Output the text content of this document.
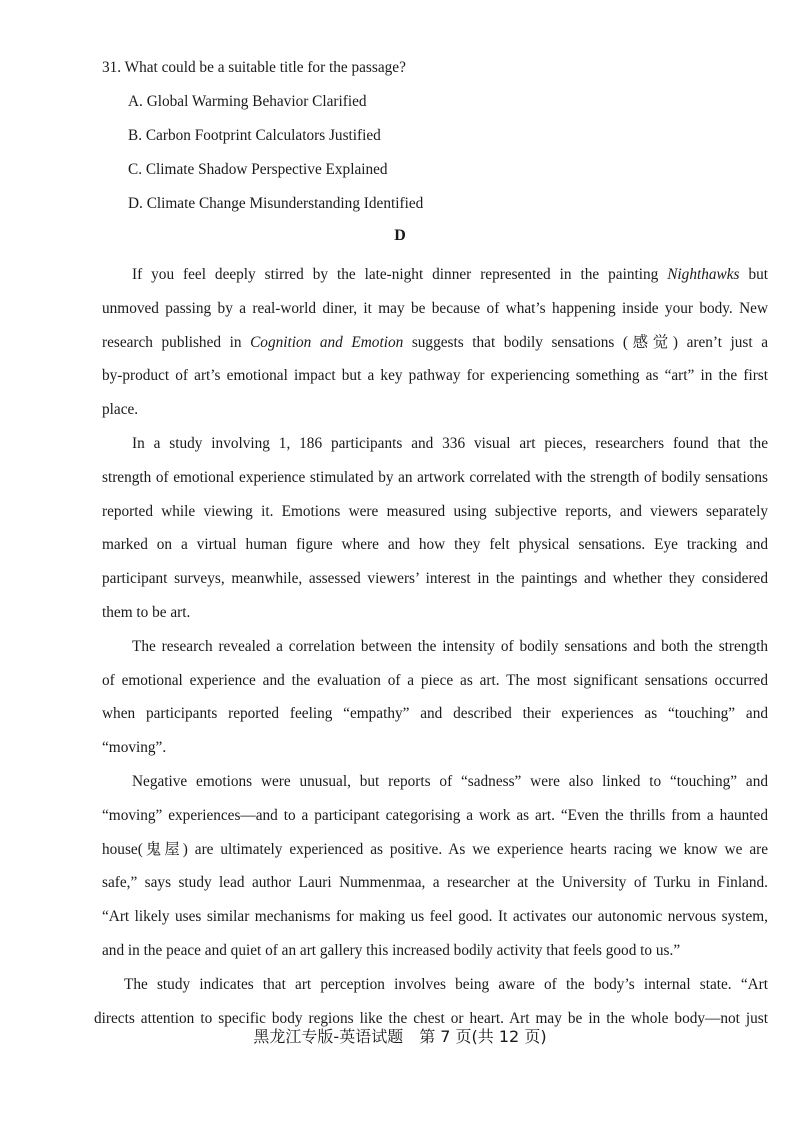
31. What could be a suitable title for the passage?

A. Global Warming Behavior Clarified

B. Carbon Footprint Calculators Justified

C. Climate Shadow Perspective Explained

D. Climate Change Misunderstanding Identified

D
If you feel deeply stirred by the late-night dinner represented in the painting Nighthawks but
unmoved passing by a real-world diner, it may be because of what’s happening inside your body. New
research published in Cognition and Emotion suggests that bodily sensations (感觉) aren’t just a
by-product of art’s emotional impact but a key pathway for experiencing something as “art” in the first
place.
In a study involving 1, 186 participants and 336 visual art pieces, researchers found that the
strength of emotional experience stimulated by an artwork correlated with the strength of bodily sensations
reported while viewing it. Emotions were measured using subjective reports, and viewers separately
marked on a virtual human figure where and how they felt physical sensations. Eye tracking and
participant surveys, meanwhile, assessed viewers’ interest in the paintings and whether they considered
them to be art.
The research revealed a correlation between the intensity of bodily sensations and both the strength
of emotional experience and the evaluation of a piece as art. The most significant sensations occurred
when participants reported feeling “empathy” and described their experiences as “touching” and
“moving”.
Negative emotions were unusual, but reports of “sadness” were also linked to “touching” and
“moving” experiences—and to a participant categorising a work as art. “Even the thrills from a haunted
house(鬼屋) are ultimately experienced as positive. As we experience hearts racing we know we are
safe,” says study lead author Lauri Nummenmaa, a researcher at the University of Turku in Finland.
“Art likely uses similar mechanisms for making us feel good. It activates our autonomic nervous system,
and in the peace and quiet of an art gallery this increased bodily activity that feels good to us.”
The study indicates that art perception involves being aware of the body’s internal state. “Art
directs attention to specific body regions like the chest or heart. Art may be in the whole body—not just
黑龙江专版-英语试题　第 7 页(共 12 页)
